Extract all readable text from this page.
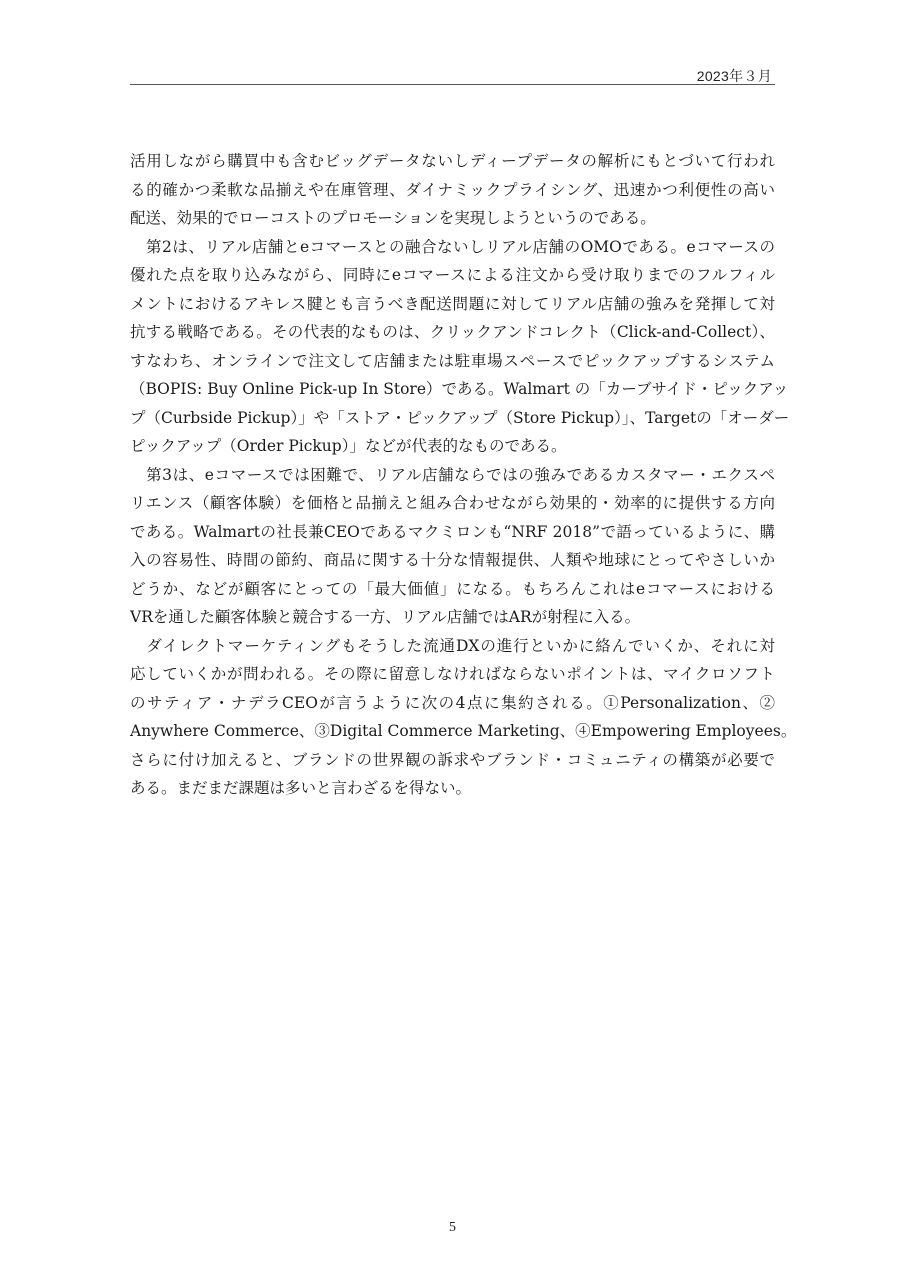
2023年３月
活用しながら購買中も含むビッグデータないしディープデータの解析にもとづいて行われ
る的確かつ柔軟な品揃えや在庫管理、ダイナミックプライシング、迅速かつ利便性の高い
配送、効果的でローコストのプロモーションを実現しようというのである。
　第2は、リアル店舗とeコマースとの融合ないしリアル店舗のOMOである。eコマースの
優れた点を取り込みながら、同時にeコマースによる注文から受け取りまでのフルフィル
メントにおけるアキレス腱とも言うべき配送問題に対してリアル店舗の強みを発揮して対
抗する戦略である。その代表的なものは、クリックアンドコレクト（Click-and-Collect）、
すなわち、オンラインで注文して店舗または駐車場スペースでピックアップするシステム
（BOPIS: Buy Online Pick-up In Store）である。Walmart の「カーブサイド・ピックアッ
プ（Curbside Pickup）」や「ストア・ピックアップ（Store Pickup）」、Targetの「オーダー
ピックアップ（Order Pickup）」などが代表的なものである。
　第3は、eコマースでは困難で、リアル店舗ならではの強みであるカスタマー・エクスペ
リエンス（顧客体験）を価格と品揃えと組み合わせながら効果的・効率的に提供する方向
である。Walmartの社長兼CEOであるマクミロンも“NRF 2018”で語っているように、購
入の容易性、時間の節約、商品に関する十分な情報提供、人類や地球にとってやさしいか
どうか、などが顧客にとっての「最大価値」になる。もちろんこれはeコマースにおける
VRを通した顧客体験と競合する一方、リアル店舗ではARが射程に入る。
　ダイレクトマーケティングもそうした流通DXの進行といかに絡んでいくか、それに対
応していくかが問われる。その際に留意しなければならないポイントは、マイクロソフト
のサティア・ナデラCEOが言うように次の4点に集約される。①Personalization、②
Anywhere Commerce、③Digital Commerce Marketing、④Empowering Employees。
さらに付け加えると、ブランドの世界観の訴求やブランド・コミュニティの構築が必要で
ある。まだまだ課題は多いと言わざるを得ない。
5
